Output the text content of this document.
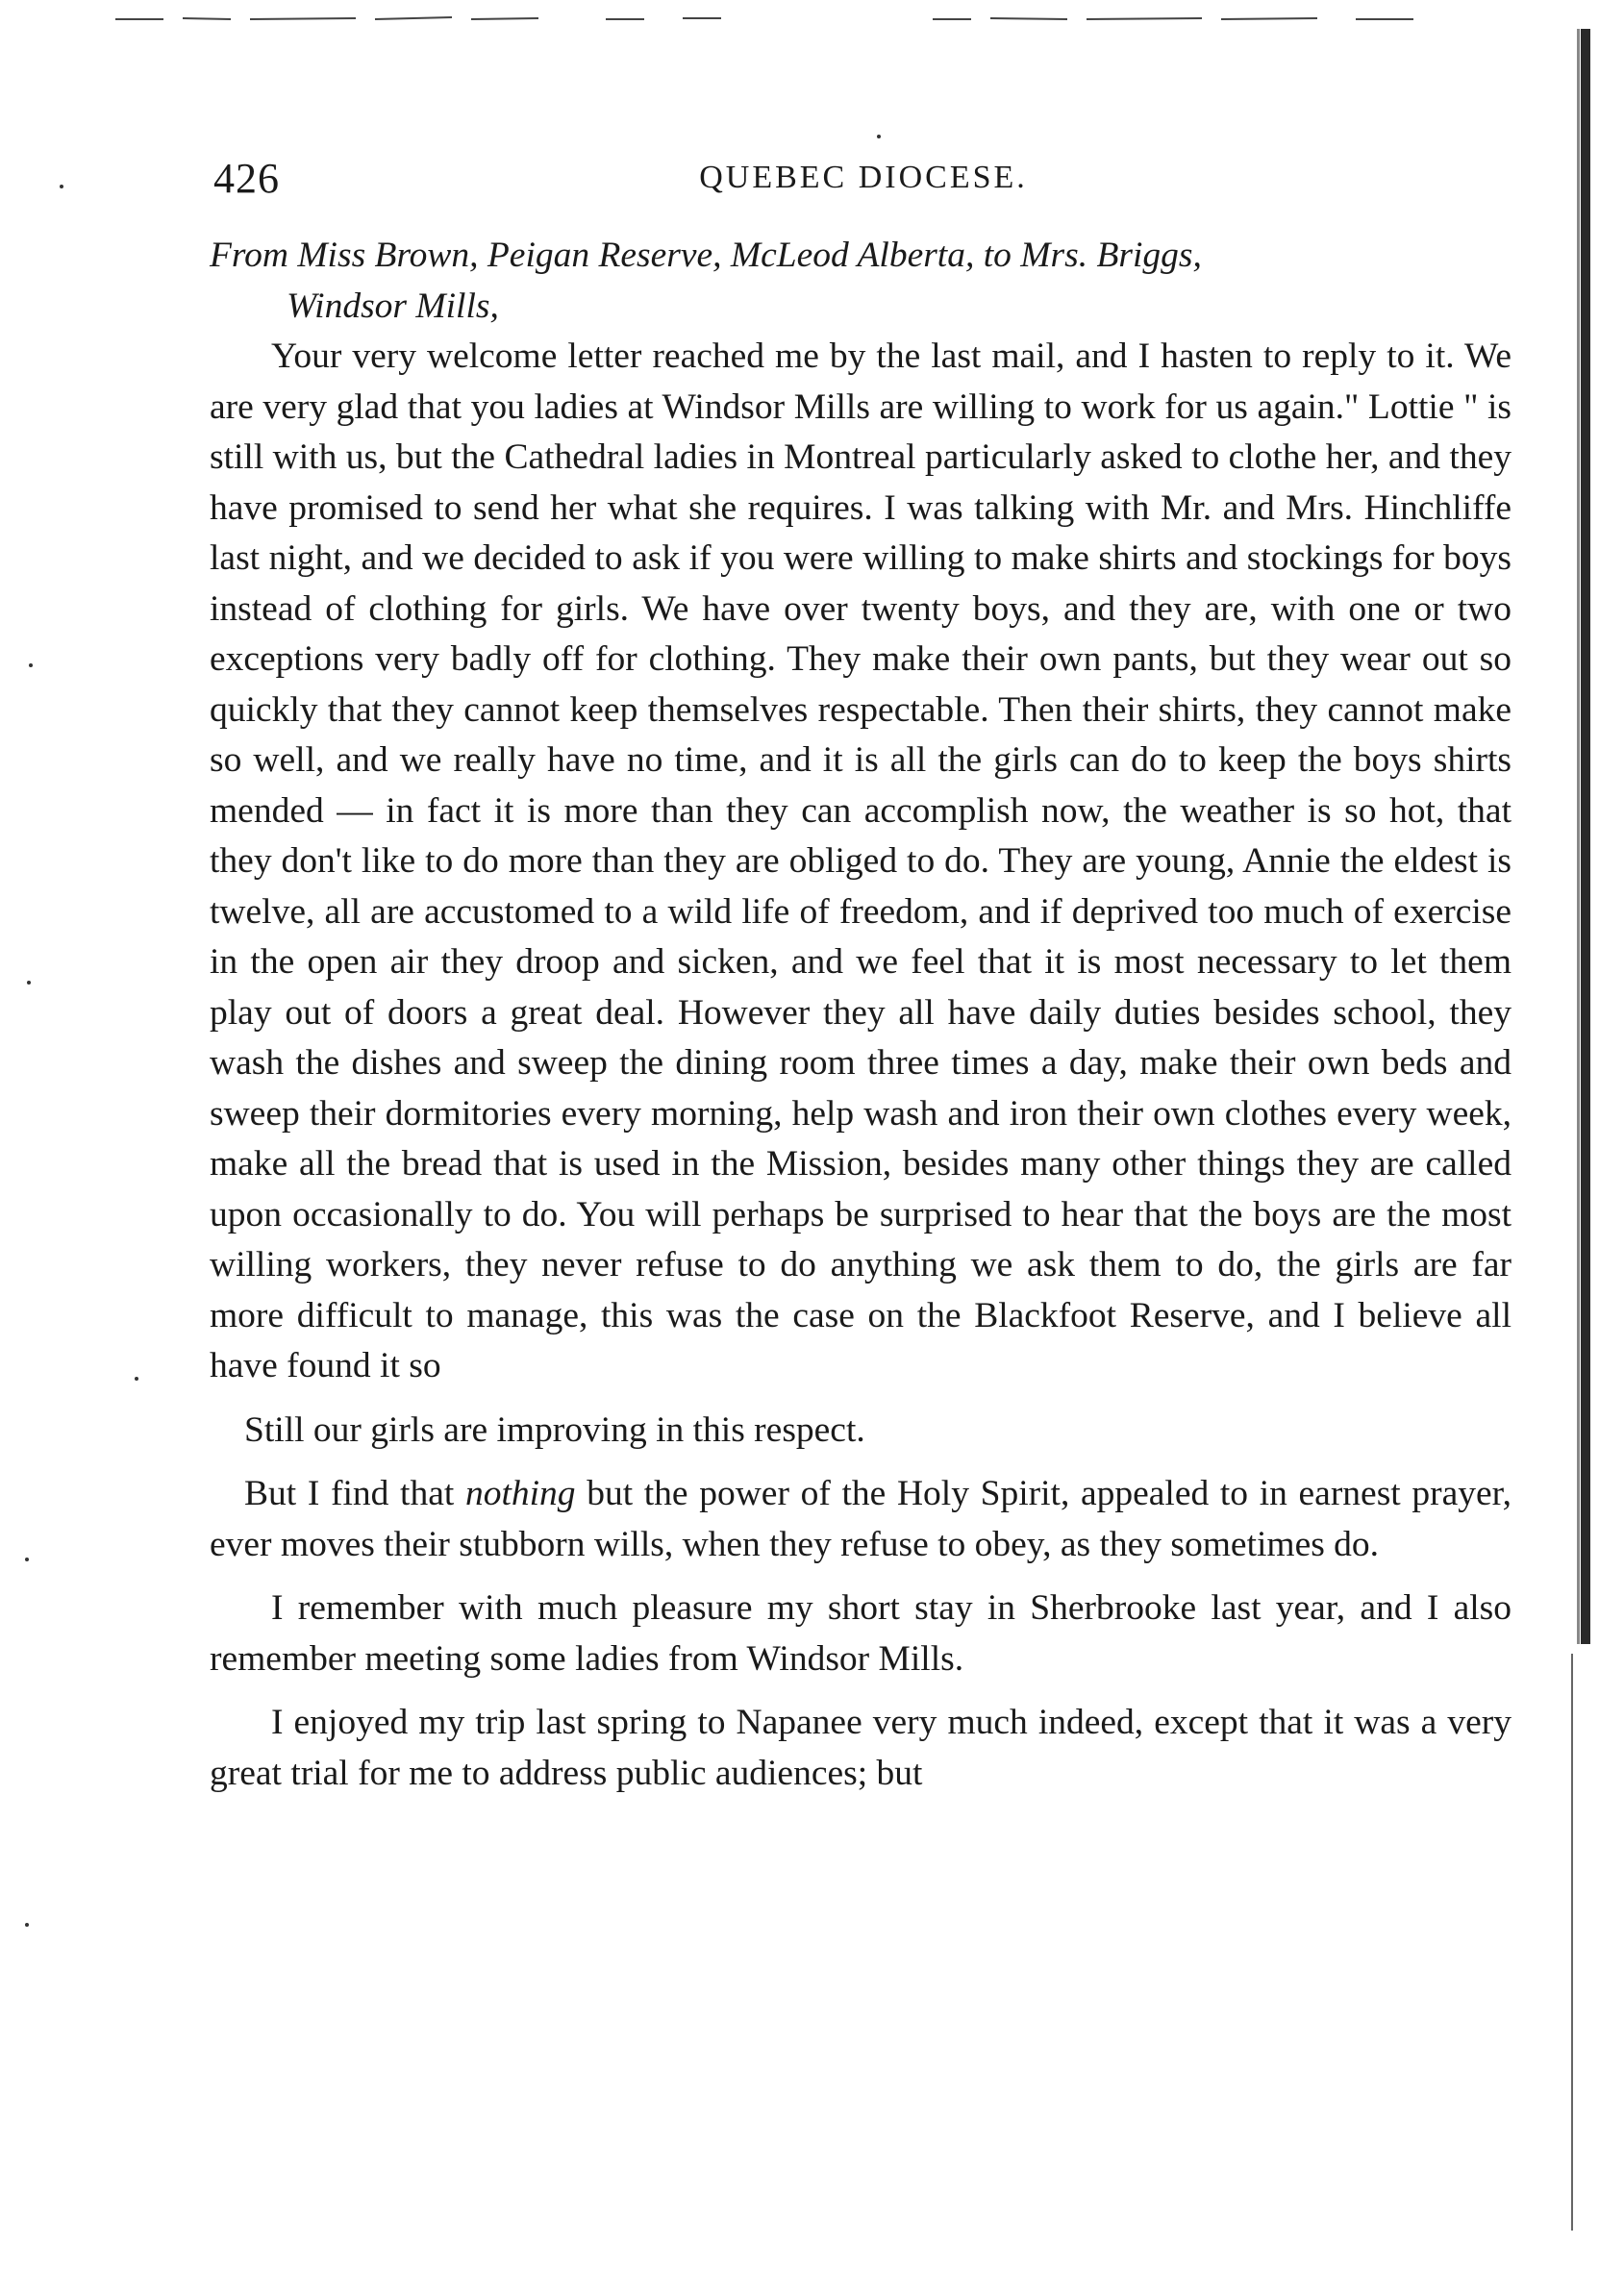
426	QUEBEC DIOCESE.

From Miss Brown, Peigan Reserve, McLeod Alberta, to Mrs. Briggs,
Windsor Mills,

Your very welcome letter reached me by the last mail, and I hasten to reply to it. We are very glad that you ladies at Windsor Mills are willing to work for us again." Lottie " is still with us, but the Cathedral ladies in Montreal particularly asked to clothe her, and they have promised to send her what she requires. I was talking with Mr. and Mrs. Hinchliffe last night, and we decided to ask if you were willing to make shirts and stockings for boys instead of clothing for girls. We have over twenty boys, and they are, with one or two exceptions very badly off for clothing. They make their own pants, but they wear out so quickly that they cannot keep themselves respectable. Then their shirts, they cannot make so well, and we really have no time, and it is all the girls can do to keep the boys shirts mended — in fact it is more than they can accomplish now, the weather is so hot, that they don't like to do more than they are obliged to do. They are young, Annie the eldest is twelve, all are accustomed to a wild life of freedom, and if deprived too much of exercise in the open air they droop and sicken, and we feel that it is most necessary to let them play out of doors a great deal. However they all have daily duties besides school, they wash the dishes and sweep the dining room three times a day, make their own beds and sweep their dormitories every morning, help wash and iron their own clothes every week, make all the bread that is used in the Mission, besides many other things they are called upon occasionally to do. You will perhaps be surprised to hear that the boys are the most willing workers, they never refuse to do anything we ask them to do, the girls are far more difficult to manage, this was the case on the Blackfoot Reserve, and I believe all have found it so

Still our girls are improving in this respect.

But I find that nothing but the power of the Holy Spirit, appealed to in earnest prayer, ever moves their stubborn wills, when they refuse to obey, as they sometimes do.

I remember with much pleasure my short stay in Sherbrooke last year, and I also remember meeting some ladies from Windsor Mills.

I enjoyed my trip last spring to Napanee very much indeed, except that it was a very great trial for me to address public audiences; but
